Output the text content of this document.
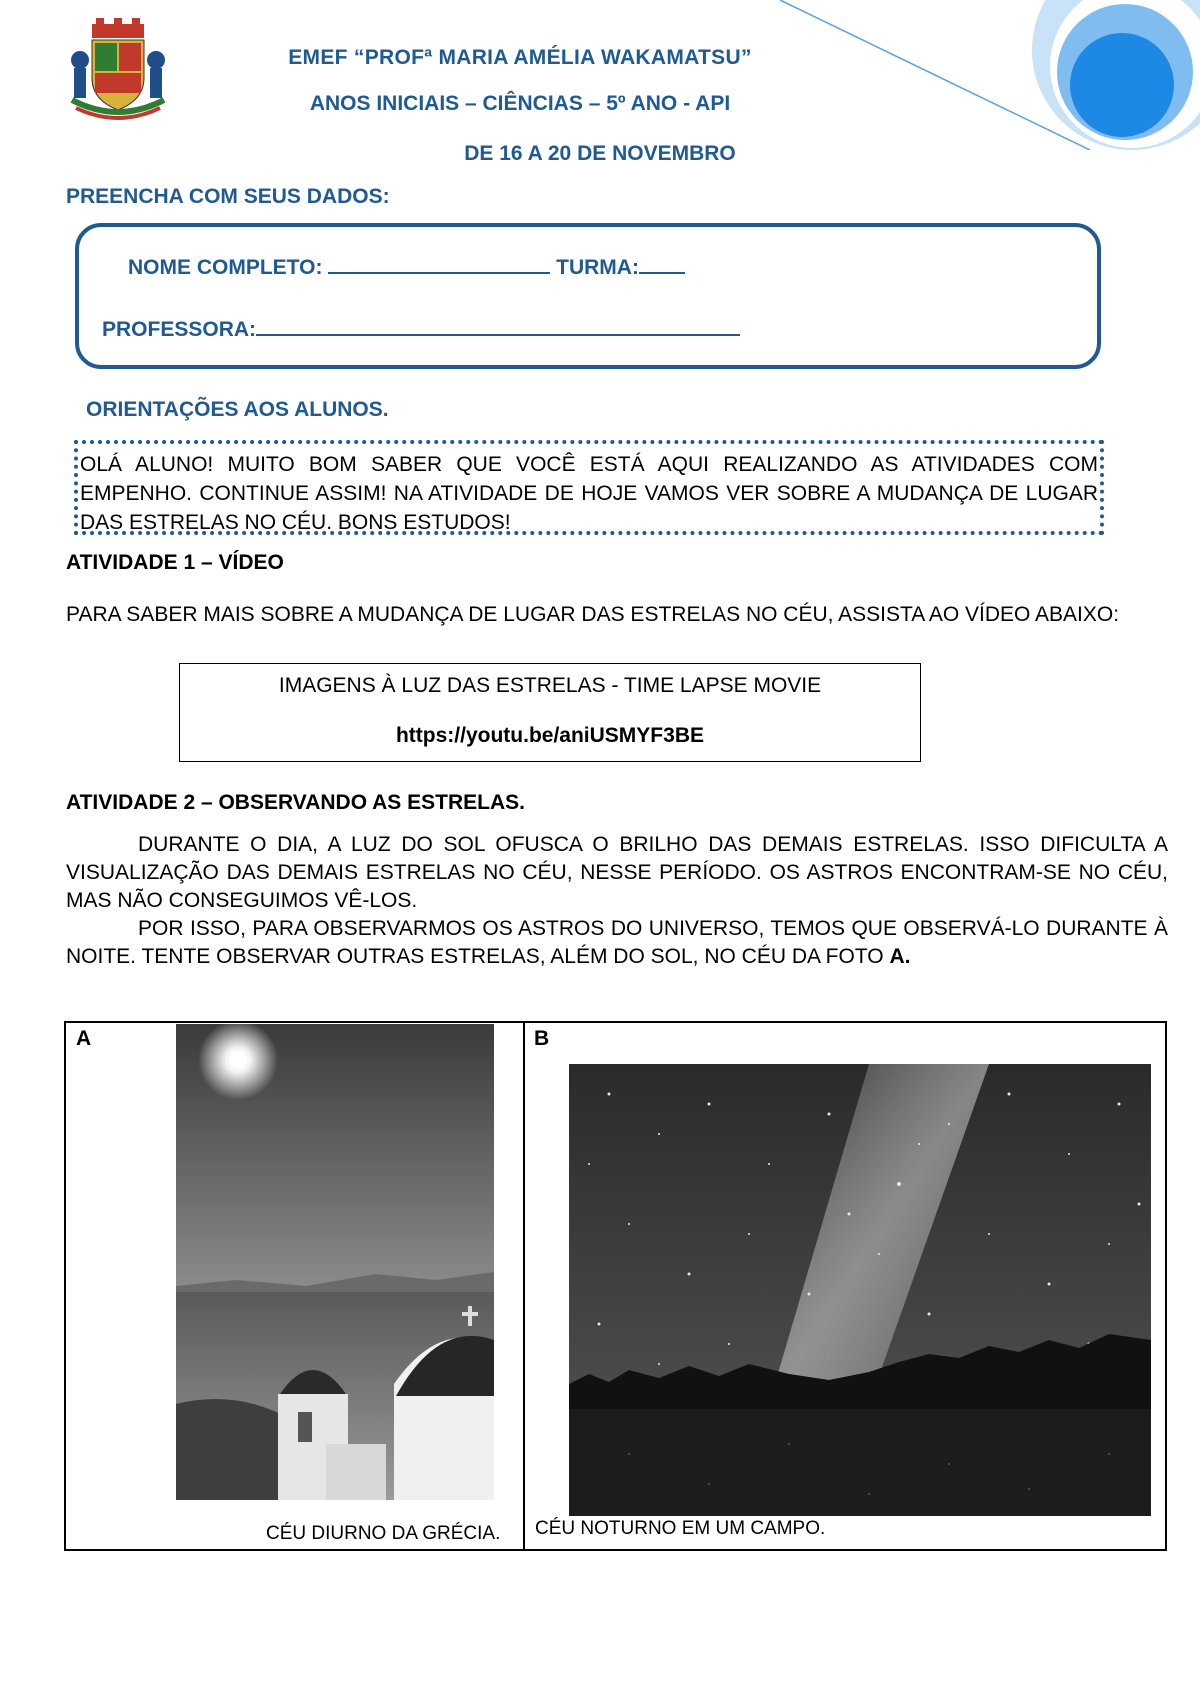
EMEF “PROFª MARIA AMÉLIA WAKAMATSU”
ANOS INICIAIS – CIÊNCIAS – 5º ANO - API
DE 16 A 20 DE NOVEMBRO
PREENCHA COM SEUS DADOS:
NOME COMPLETO:	TURMA:
PROFESSORA:
ORIENTAÇÕES AOS ALUNOS.
OLÁ ALUNO! MUITO BOM SABER QUE VOCÊ ESTÁ AQUI REALIZANDO AS ATIVIDADES COM EMPENHO. CONTINUE ASSIM! NA ATIVIDADE DE HOJE VAMOS VER SOBRE A MUDANÇA DE LUGAR DAS ESTRELAS NO CÉU. BONS ESTUDOS!
ATIVIDADE 1 – VÍDEO
PARA SABER MAIS SOBRE A MUDANÇA DE LUGAR DAS ESTRELAS NO CÉU, ASSISTA AO VÍDEO ABAIXO:
IMAGENS À LUZ DAS ESTRELAS - TIME LAPSE MOVIE
https://youtu.be/aniUSMYF3BE
ATIVIDADE 2 – OBSERVANDO AS ESTRELAS.
DURANTE O DIA, A LUZ DO SOL OFUSCA O BRILHO DAS DEMAIS ESTRELAS. ISSO DIFICULTA A VISUALIZAÇÃO DAS DEMAIS ESTRELAS NO CÉU, NESSE PERÍODO. OS ASTROS ENCONTRAM-SE NO CÉU, MAS NÃO CONSEGUIMOS VÊ-LOS.
POR ISSO, PARA OBSERVARMOS OS ASTROS DO UNIVERSO, TEMOS QUE OBSERVÁ-LO DURANTE À NOITE. TENTE OBSERVAR OUTRAS ESTRELAS, ALÉM DO SOL, NO CÉU DA FOTO A.
A
CÉU DIURNO DA GRÉCIA.
B
CÉU NOTURNO EM UM CAMPO.
